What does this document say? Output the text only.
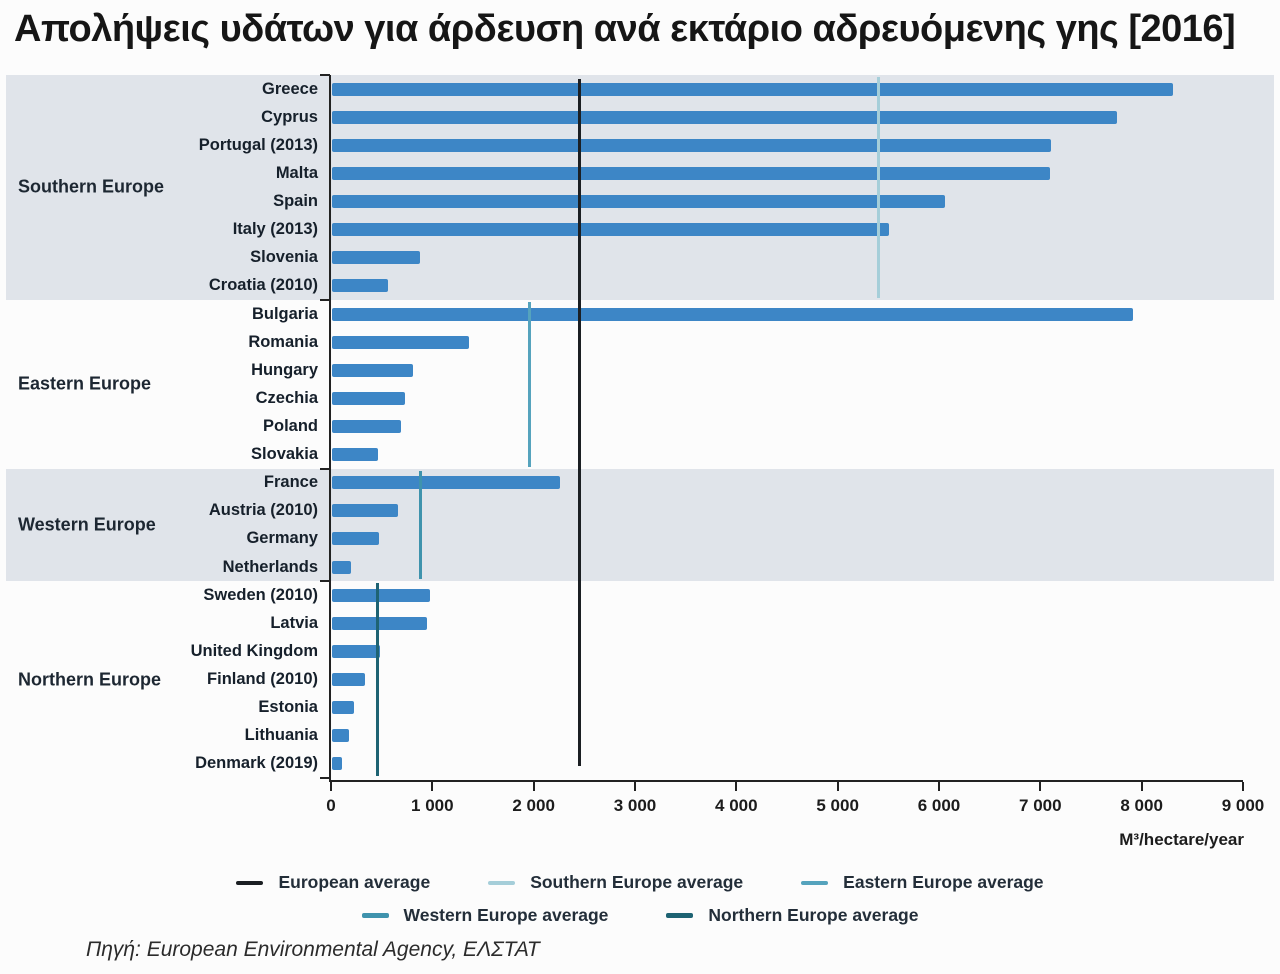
Απολήψεις υδάτων για άρδευση ανά εκτάριο αδρευόμενης γης [2016]
Southern Europe
Greece
Cyprus
Portugal (2013)
Malta
Spain
Italy (2013)
Slovenia
Croatia (2010)
Eastern Europe
Bulgaria
Romania
Hungary
Czechia
Poland
Slovakia
Western Europe
France
Austria (2010)
Germany
Netherlands
Northern Europe
Sweden (2010)
Latvia
United Kingdom
Finland (2010)
Estonia
Lithuania
Denmark (2019)
0	1 000	2 000	3 000	4 000	5 000	6 000	7 000	8 000	9 000
M³/hectare/year
European average	Southern Europe average	Eastern Europe average
Western Europe average	Northern Europe average
Πηγή: European Environmental Agency, ΕΛΣΤΑΤ
